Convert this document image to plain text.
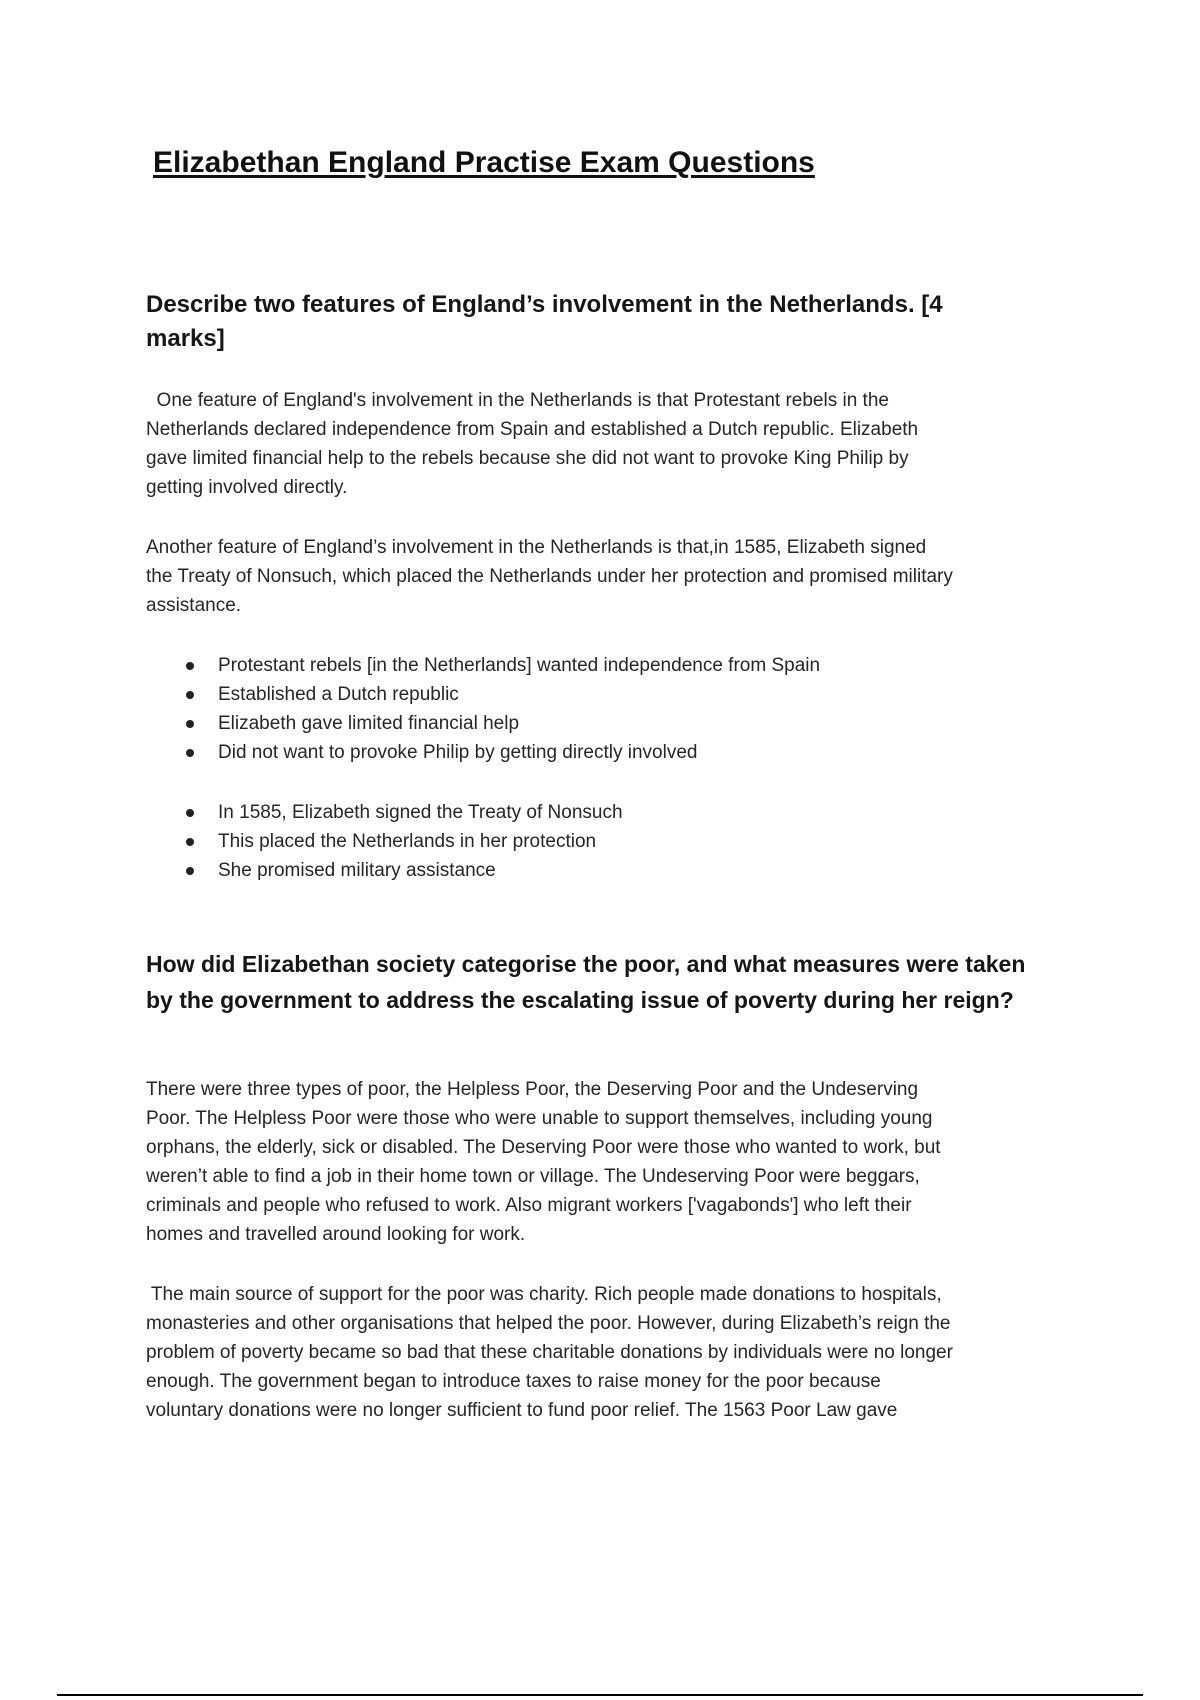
Elizabethan England Practise Exam Questions
Describe two features of England’s involvement in the Netherlands. [4
marks]

One feature of England's involvement in the Netherlands is that Protestant rebels in the
Netherlands declared independence from Spain and established a Dutch republic. Elizabeth
gave limited financial help to the rebels because she did not want to provoke King Philip by
getting involved directly.

Another feature of England’s involvement in the Netherlands is that,in 1585, Elizabeth signed
the Treaty of Nonsuch, which placed the Netherlands under her protection and promised military
assistance.

Protestant rebels [in the Netherlands] wanted independence from Spain
Established a Dutch republic
Elizabeth gave limited financial help
Did not want to provoke Philip by getting directly involved
In 1585, Elizabeth signed the Treaty of Nonsuch
This placed the Netherlands in her protection
She promised military assistance
How did Elizabethan society categorise the poor, and what measures were taken
by the government to address the escalating issue of poverty during her reign?

There were three types of poor, the Helpless Poor, the Deserving Poor and the Undeserving
Poor. The Helpless Poor were those who were unable to support themselves, including young
orphans, the elderly, sick or disabled. The Deserving Poor were those who wanted to work, but
weren’t able to find a job in their home town or village. The Undeserving Poor were beggars,
criminals and people who refused to work. Also migrant workers ['vagabonds'] who left their
homes and travelled around looking for work.

The main source of support for the poor was charity. Rich people made donations to hospitals,
monasteries and other organisations that helped the poor. However, during Elizabeth’s reign the
problem of poverty became so bad that these charitable donations by individuals were no longer
enough. The government began to introduce taxes to raise money for the poor because
voluntary donations were no longer sufficient to fund poor relief. The 1563 Poor Law gave
